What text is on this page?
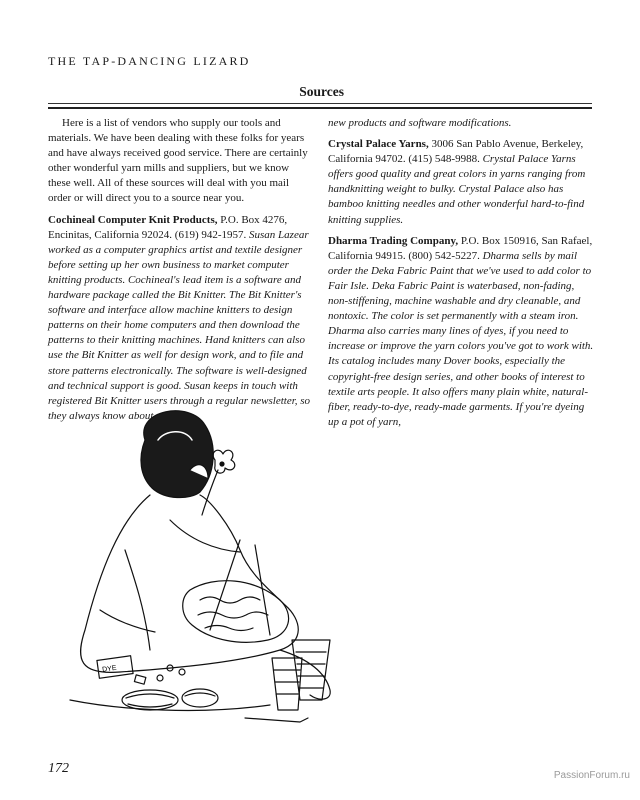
THE TAP-DANCING LIZARD
Sources

Here is a list of vendors who supply our tools and materials. We have been dealing with these folks for years and have always received good service. There are certainly other wonderful yarn mills and suppliers, but we know these well. All of these sources will deal with you mail order or will direct you to a source near you.

Cochineal Computer Knit Products, P.O. Box 4276, Encinitas, California 92024. (619) 942-1957. Susan Lazear worked as a computer graphics artist and textile designer before setting up her own business to market computer knitting products. Cochineal's lead item is a software and hardware package called the Bit Knitter. The Bit Knitter's software and interface allow machine knitters to design patterns on their home computers and then download the patterns to their knitting machines. Hand knitters can also use the Bit Knitter as well for design work, and to file and store patterns electronically. The software is well-designed and technical support is good. Susan keeps in touch with registered Bit Knitter users through a regular newsletter, so they always know about

new products and software modifications.

Crystal Palace Yarns, 3006 San Pablo Avenue, Berkeley, California 94702. (415) 548-9988. Crystal Palace Yarns offers good quality and great colors in yarns ranging from handknitting weight to bulky. Crystal Palace also has bamboo knitting needles and other wonderful hard-to-find knitting supplies.

Dharma Trading Company, P.O. Box 150916, San Rafael, California 94915. (800) 542-5227. Dharma sells by mail order the Deka Fabric Paint that we've used to add color to Fair Isle. Deka Fabric Paint is waterbased, non-fading, non-stiffening, machine washable and dry cleanable, and nontoxic. The color is set permanently with a steam iron. Dharma also carries many lines of dyes, if you need to increase or improve the yarn colors you've got to work with. Its catalog includes many Dover books, especially the copyright-free design series, and other books of interest to textile arts people. It also offers many plain white, natural-fiber, ready-to-dye, ready-made garments. If you're dyeing up a pot of yarn,

DYE
172	PassionForum.ru
